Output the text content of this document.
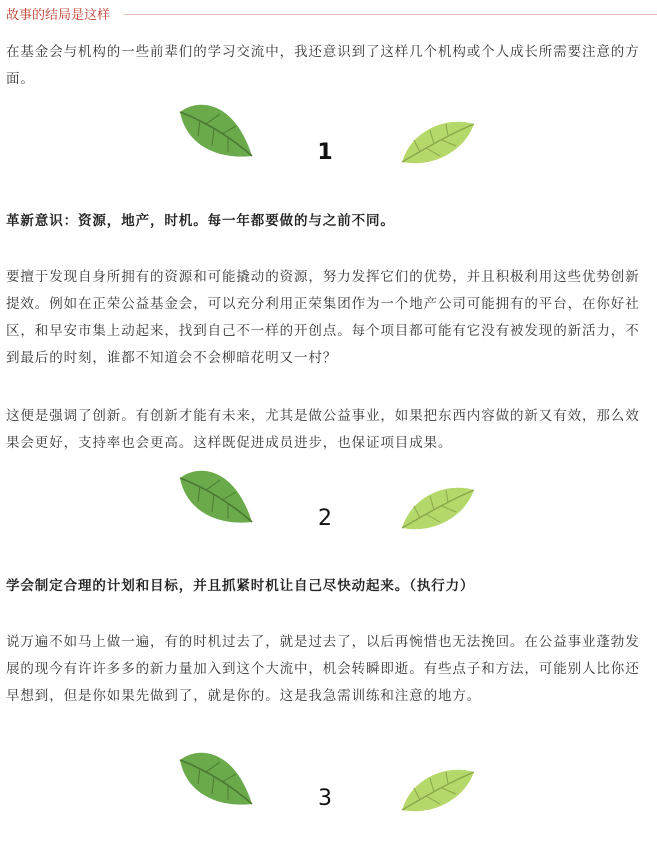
故事的结局是这样

在基金会与机构的一些前辈们的学习交流中，我还意识到了这样几个机构或个人成长所需要注意的方面。

1

革新意识：资源，地产，时机。每一年都要做的与之前不同。

要擅于发现自身所拥有的资源和可能撬动的资源，努力发挥它们的优势，并且积极利用这些优势创新提效。例如在正荣公益基金会，可以充分利用正荣集团作为一个地产公司可能拥有的平台，在你好社区，和早安市集上动起来，找到自己不一样的开创点。每个项目都可能有它没有被发现的新活力，不到最后的时刻，谁都不知道会不会柳暗花明又一村？

这便是强调了创新。有创新才能有未来，尤其是做公益事业，如果把东西内容做的新又有效，那么效果会更好，支持率也会更高。这样既促进成员进步，也保证项目成果。

2

学会制定合理的计划和目标，并且抓紧时机让自己尽快动起来。（执行力）

说万遍不如马上做一遍，有的时机过去了，就是过去了，以后再惋惜也无法挽回。在公益事业蓬勃发展的现今有许许多多的新力量加入到这个大流中，机会转瞬即逝。有些点子和方法，可能别人比你还早想到，但是你如果先做到了，就是你的。这是我急需训练和注意的地方。

3
